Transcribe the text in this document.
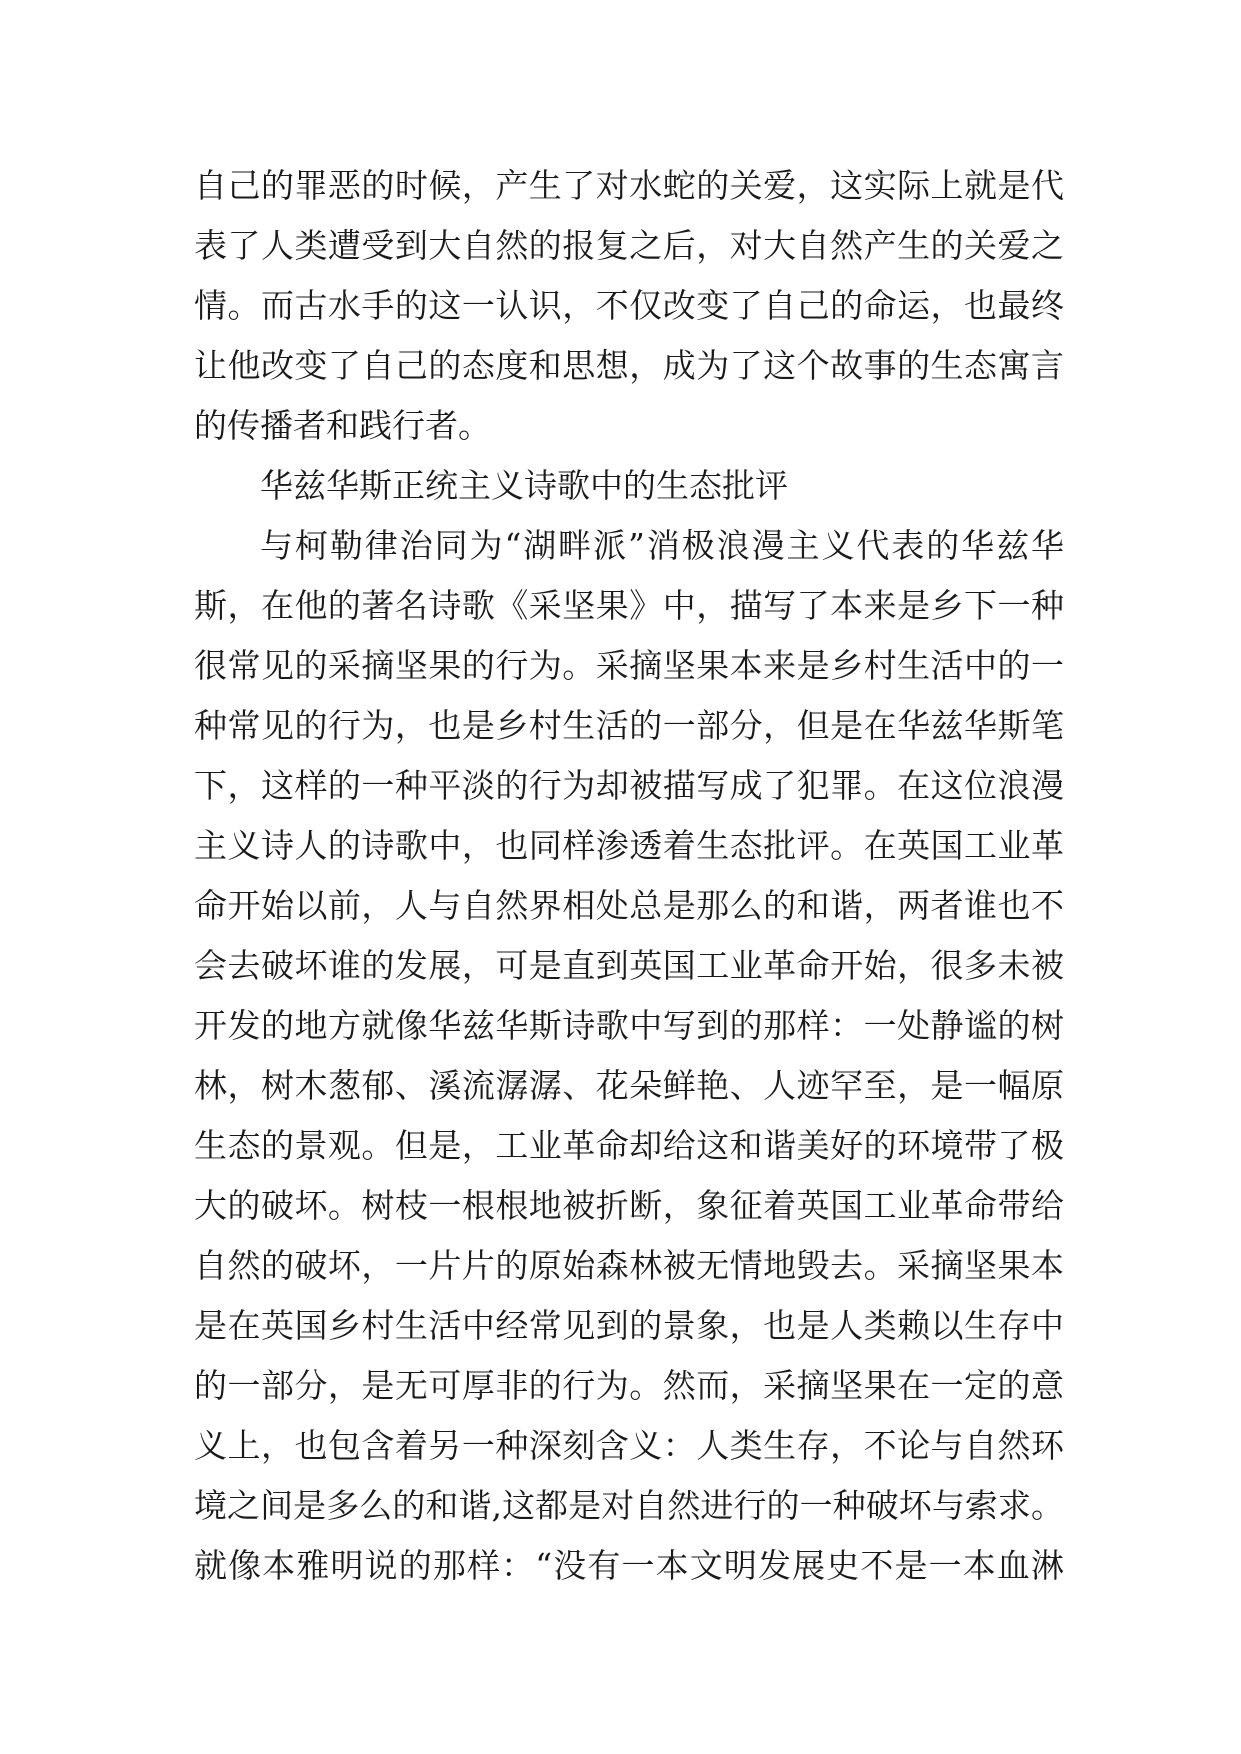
自己的罪恶的时候，产生了对水蛇的关爱，这实际上就是代
表了人类遭受到大自然的报复之后，对大自然产生的关爱之
情。而古水手的这一认识，不仅改变了自己的命运，也最终
让他改变了自己的态度和思想，成为了这个故事的生态寓言
的传播者和践行者。
华兹华斯正统主义诗歌中的生态批评
与柯勒律治同为“湖畔派”消极浪漫主义代表的华兹华
斯，在他的著名诗歌《采坚果》中，描写了本来是乡下一种
很常见的采摘坚果的行为。采摘坚果本来是乡村生活中的一
种常见的行为，也是乡村生活的一部分，但是在华兹华斯笔
下，这样的一种平淡的行为却被描写成了犯罪。在这位浪漫
主义诗人的诗歌中，也同样渗透着生态批评。在英国工业革
命开始以前，人与自然界相处总是那么的和谐，两者谁也不
会去破坏谁的发展，可是直到英国工业革命开始，很多未被
开发的地方就像华兹华斯诗歌中写到的那样：一处静谧的树
林，树木葱郁、溪流潺潺、花朵鲜艳、人迹罕至，是一幅原
生态的景观。但是，工业革命却给这和谐美好的环境带了极
大的破坏。树枝一根根地被折断，象征着英国工业革命带给
自然的破坏，一片片的原始森林被无情地毁去。采摘坚果本
是在英国乡村生活中经常见到的景象，也是人类赖以生存中
的一部分，是无可厚非的行为。然而，采摘坚果在一定的意
义上，也包含着另一种深刻含义：人类生存，不论与自然环
境之间是多么的和谐,这都是对自然进行的一种破坏与索求。
就像本雅明说的那样：“没有一本文明发展史不是一本血淋
